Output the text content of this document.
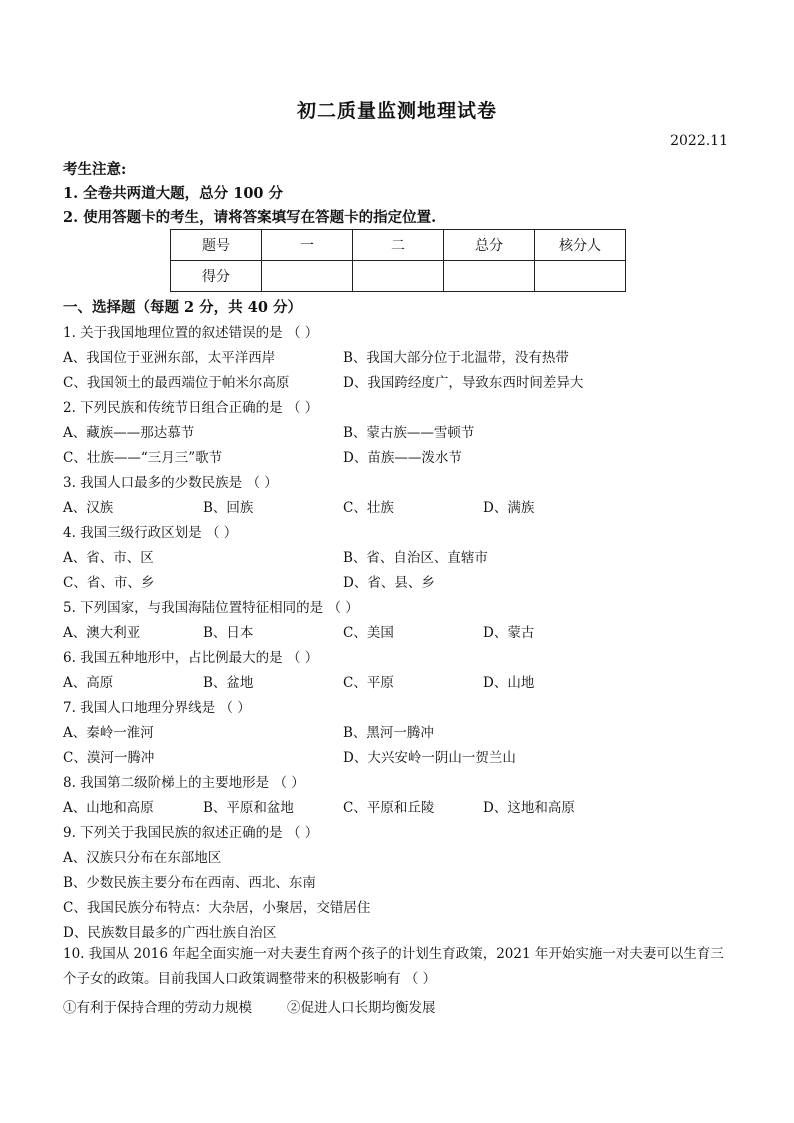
初二质量监测地理试卷
2022.11
考生注意:
1. 全卷共两道大题，总分 100 分
2. 使用答题卡的考生，请将答案填写在答题卡的指定位置.
题号	一	二	总分	核分人
得分				
一、选择题（每题 2 分，共 40 分）
1. 关于我国地理位置的叙述错误的是 （ ）
A、我国位于亚洲东部，太平洋西岸	B、我国大部分位于北温带，没有热带
C、我国领土的最西端位于帕米尔高原	D、我国跨经度广，导致东西时间差异大
2. 下列民族和传统节日组合正确的是 （ ）
A、藏族——那达慕节	B、蒙古族——雪顿节
C、壮族——“三月三”歌节	D、苗族——泼水节
3. 我国人口最多的少数民族是 （ ）
A、汉族	B、回族	C、壮族	D、满族
4. 我国三级行政区划是 （ ）
A、省、市、区	B、省、自治区、直辖市
C、省、市、乡	D、省、县、乡
5. 下列国家，与我国海陆位置特征相同的是 （ ）
A、澳大利亚	B、日本	C、美国	D、蒙古
6. 我国五种地形中，占比例最大的是 （ ）
A、高原	B、盆地	C、平原	D、山地
7. 我国人口地理分界线是 （ ）
A、秦岭一淮河	B、黑河一腾冲
C、漠河一腾冲	D、大兴安岭一阴山一贺兰山
8. 我国第二级阶梯上的主要地形是 （ ）
A、山地和高原	B、平原和盆地	C、平原和丘陵	D、这地和高原
9. 下列关于我国民族的叙述正确的是 （ ）
A、汉族只分布在东部地区
B、少数民族主要分布在西南、西北、东南
C、我国民族分布特点：大杂居，小聚居，交错居住
D、民族数目最多的广西壮族自治区
10. 我国从 2016 年起全面实施一对夫妻生育两个孩子的计划生育政策，2021 年开始实施一对夫妻可以生育三个子女的政策。目前我国人口政策调整带来的积极影响有 （ ）
①有利于保持合理的劳动力规模	②促进人口长期均衡发展
